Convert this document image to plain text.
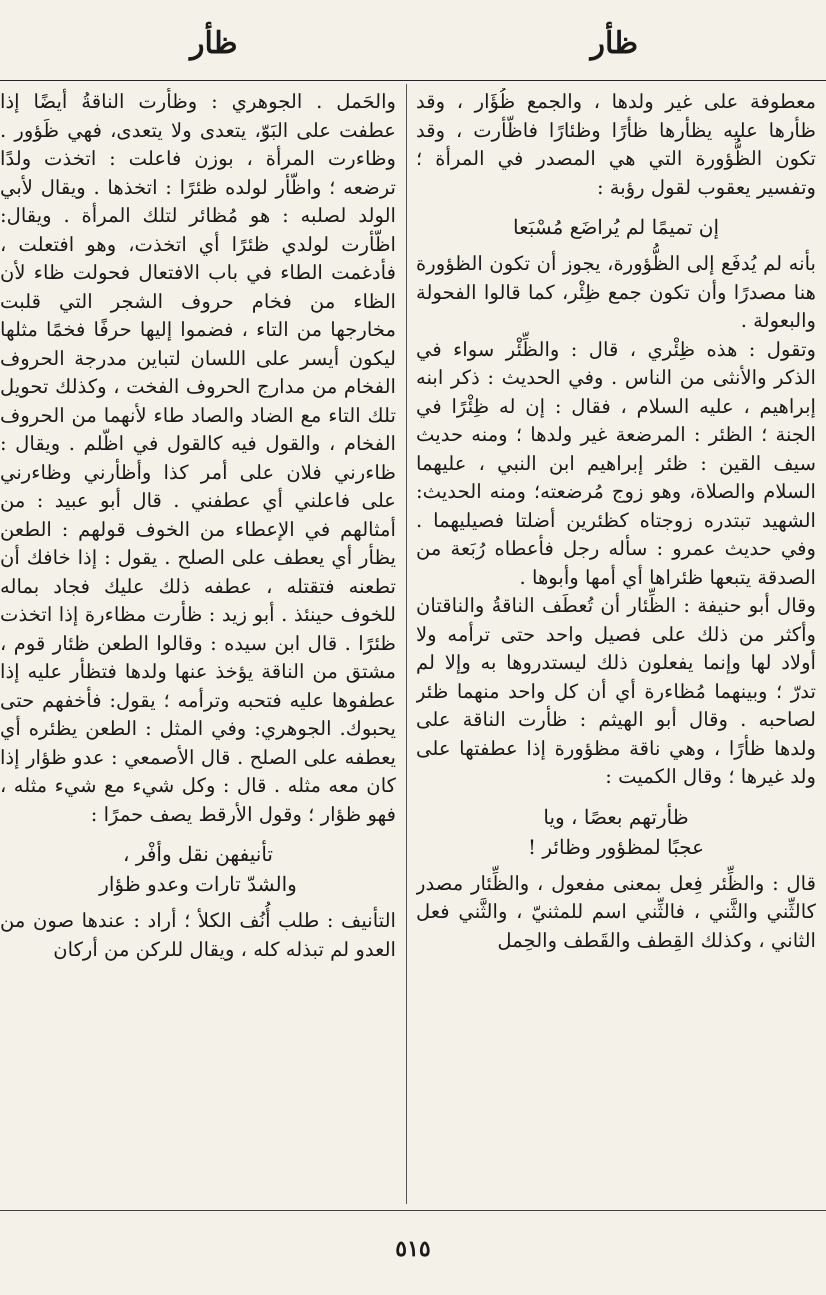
ظأر
ظأر

معطوفة على غير ولدها ، والجمع ظُؤَار ، وقد ظأرها عليه يظأرها ظأرًا وظئارًا فاظّأرت ، وقد تكون الظُّؤورة التي هي المصدر في المرأة ؛ وتفسير يعقوب لقول رؤبة :

إن تميمًا لم يُراضَع مُسْبَعا

بأنه لم يُدفَع إلى الظُّؤورة، يجوز أن تكون الظؤورة هنا مصدرًا وأن تكون جمع ظِئْر، كما قالوا الفحولة والبعولة .

وتقول : هذه ظِئْري ، قال : والظِّئْر سواء في الذكر والأنثى من الناس . وفي الحديث : ذكر ابنه إبراهيم ، عليه السلام ، فقال : إن له ظِئْرًا في الجنة ؛ الظئر : المرضعة غير ولدها ؛ ومنه حديث سيف القين : ظئر إبراهيم ابن النبي ، عليهما السلام والصلاة، وهو زوج مُرضعته؛ ومنه الحديث: الشهيد تبتدره زوجتاه كظئرين أضلتا فصيليهما . وفي حديث عمرو : سأله رجل فأعطاه رُبَعة من الصدقة يتبعها ظئراها أي أمها وأبوها .

وقال أبو حنيفة : الظِّئار أن تُعطَف الناقةُ والناقتان وأكثر من ذلك على فصيل واحد حتى ترأمه ولا أولاد لها وإنما يفعلون ذلك ليستدروها به وإلا لم تدرّ ؛ وبينهما مُظاءرة أي أن كل واحد منهما ظئر لصاحبه . وقال أبو الهيثم : ظأرت الناقة على ولدها ظأرًا ، وهي ناقة مظؤورة إذا عطفتها على ولد غيرها ؛ وقال الكميت :

ظأرتهم بعصًا ، ويا
عجبًا لمظؤور وظائر !

قال : والظِّئر فِعل بمعنى مفعول ، والظِّئار مصدر كالثِّني والثَّني ، فالثِّني اسم للمثنيّ ، والثَّني فعل الثاني ، وكذلك القِطف والقَطف والحِمل

والحَمل . الجوهري : وظأرت الناقةُ أيضًا إذا عطفت على البَوّ، يتعدى ولا يتعدى، فهي ظَؤور . وظاءرت المرأة ، بوزن فاعلت : اتخذت ولدًا ترضعه ؛ واظّأر لولده ظئرًا : اتخذها . ويقال لأبي الولد لصلبه : هو مُظائر لتلك المرأة . ويقال: اظّأرت لولدي ظئرًا أي اتخذت، وهو افتعلت ، فأدغمت الطاء في باب الافتعال فحولت ظاء لأن الظاء من فخام حروف الشجر التي قلبت مخارجها من التاء ، فضموا إليها حرفًا فخمًا مثلها ليكون أيسر على اللسان لتباين مدرجة الحروف الفخام من مدارج الحروف الفخت ، وكذلك تحويل تلك التاء مع الضاد والصاد طاء لأنهما من الحروف الفخام ، والقول فيه كالقول في اظّلم . ويقال : ظاءرني فلان على أمر كذا وأظأرني وظاءرني على فاعلني أي عطفني . قال أبو عبيد : من أمثالهم في الإعطاء من الخوف قولهم : الطعن يظأر أي يعطف على الصلح . يقول : إذا خافك أن تطعنه فتقتله ، عطفه ذلك عليك فجاد بماله للخوف حينئذ . أبو زيد : ظأرت مظاءرة إذا اتخذت ظئرًا . قال ابن سيده : وقالوا الطعن ظئار قوم ، مشتق من الناقة يؤخذ عنها ولدها فتظأر عليه إذا عطفوها عليه فتحبه وترأمه ؛ يقول: فأخفهم حتى يحبوك. الجوهري: وفي المثل : الطعن يظئره أي يعطفه على الصلح . قال الأصمعي : عدو ظؤار إذا كان معه مثله . قال : وكل شيء مع شيء مثله ، فهو ظؤار ؛ وقول الأرقط يصف حمرًا :

تأنيفهن نقل وأفْر ،
والشدّ تارات وعدو ظؤار

التأنيف : طلب أُنُف الكلأ ؛ أراد : عندها صون من العدو لم تبذله كله ، ويقال للركن من أركان

٥١٥
